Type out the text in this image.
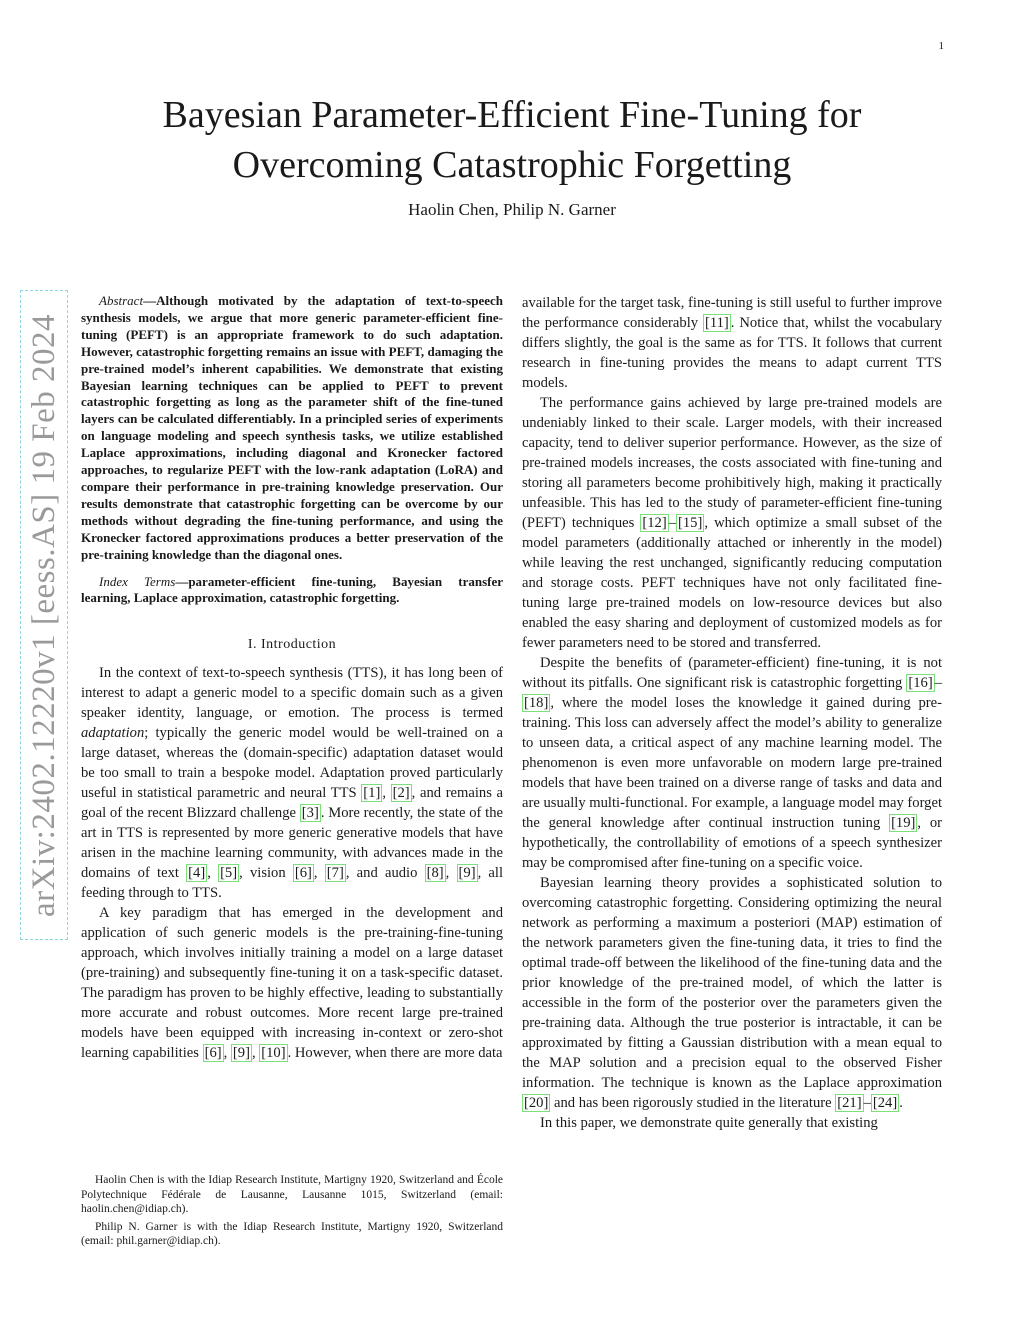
1
arXiv:2402.12220v1 [eess.AS] 19 Feb 2024
Bayesian Parameter-Efficient Fine-Tuning for
Overcoming Catastrophic Forgetting
Haolin Chen, Philip N. Garner

Abstract—Although motivated by the adaptation of text-to-speech synthesis models, we argue that more generic parameter-efficient fine-tuning (PEFT) is an appropriate framework to do such adaptation. However, catastrophic forgetting remains an issue with PEFT, damaging the pre-trained model’s inherent capabilities. We demonstrate that existing Bayesian learning techniques can be applied to PEFT to prevent catastrophic forgetting as long as the parameter shift of the fine-tuned layers can be calculated differentiably. In a principled series of experiments on language modeling and speech synthesis tasks, we utilize established Laplace approximations, including diagonal and Kronecker factored approaches, to regularize PEFT with the low-rank adaptation (LoRA) and compare their performance in pre-training knowledge preservation. Our results demonstrate that catastrophic forgetting can be overcome by our methods without degrading the fine-tuning performance, and using the Kronecker factored approximations produces a better preservation of the pre-training knowledge than the diagonal ones.

Index Terms—parameter-efficient fine-tuning, Bayesian transfer learning, Laplace approximation, catastrophic forgetting.

I. Introduction

In the context of text-to-speech synthesis (TTS), it has long been of interest to adapt a generic model to a specific domain such as a given speaker identity, language, or emotion. The process is termed adaptation; typically the generic model would be well-trained on a large dataset, whereas the (domain-specific) adaptation dataset would be too small to train a bespoke model. Adaptation proved particularly useful in statistical parametric and neural TTS [1] , [2] , and remains a goal of the recent Blizzard challenge [3] . More recently, the state of the art in TTS is represented by more generic generative models that have arisen in the machine learning community, with advances made in the domains of text [4] , [5] , vision [6] , [7] , and audio [8] , [9] , all feeding through to TTS.

A key paradigm that has emerged in the development and application of such generic models is the pre-training-fine-tuning approach, which involves initially training a model on a large dataset (pre-training) and subsequently fine-tuning it on a task-specific dataset. The paradigm has proven to be highly effective, leading to substantially more accurate and robust outcomes. More recent large pre-trained models have been equipped with increasing in-context or zero-shot learning capabilities [6] , [9] , [10] . However, when there are more data

Haolin Chen is with the Idiap Research Institute, Martigny 1920, Switzerland and École Polytechnique Fédérale de Lausanne, Lausanne 1015, Switzerland (email: haolin.chen@idiap.ch).

Philip N. Garner is with the Idiap Research Institute, Martigny 1920, Switzerland (email: phil.garner@idiap.ch).

available for the target task, fine-tuning is still useful to further improve the performance considerably [11] . Notice that, whilst the vocabulary differs slightly, the goal is the same as for TTS. It follows that current research in fine-tuning provides the means to adapt current TTS models.

The performance gains achieved by large pre-trained models are undeniably linked to their scale. Larger models, with their increased capacity, tend to deliver superior performance. However, as the size of pre-trained models increases, the costs associated with fine-tuning and storing all parameters become prohibitively high, making it practically unfeasible. This has led to the study of parameter-efficient fine-tuning (PEFT) techniques [12] – [15] , which optimize a small subset of the model parameters (additionally attached or inherently in the model) while leaving the rest unchanged, significantly reducing computation and storage costs. PEFT techniques have not only facilitated fine-tuning large pre-trained models on low-resource devices but also enabled the easy sharing and deployment of customized models as for fewer parameters need to be stored and transferred.

Despite the benefits of (parameter-efficient) fine-tuning, it is not without its pitfalls. One significant risk is catastrophic forgetting [16] –[18] , where the model loses the knowledge it gained during pre-training. This loss can adversely affect the model’s ability to generalize to unseen data, a critical aspect of any machine learning model. The phenomenon is even more unfavorable on modern large pre-trained models that have been trained on a diverse range of tasks and data and are usually multi-functional. For example, a language model may forget the general knowledge after continual instruction tuning [19] , or hypothetically, the controllability of emotions of a speech synthesizer may be compromised after fine-tuning on a specific voice.

Bayesian learning theory provides a sophisticated solution to overcoming catastrophic forgetting. Considering optimizing the neural network as performing a maximum a posteriori (MAP) estimation of the network parameters given the fine-tuning data, it tries to find the optimal trade-off between the likelihood of the fine-tuning data and the prior knowledge of the pre-trained model, of which the latter is accessible in the form of the posterior over the parameters given the pre-training data. Although the true posterior is intractable, it can be approximated by fitting a Gaussian distribution with a mean equal to the MAP solution and a precision equal to the observed Fisher information. The technique is known as the Laplace approximation [20] and has been rigorously studied in the literature [21] – [24] .

In this paper, we demonstrate quite generally that existing
